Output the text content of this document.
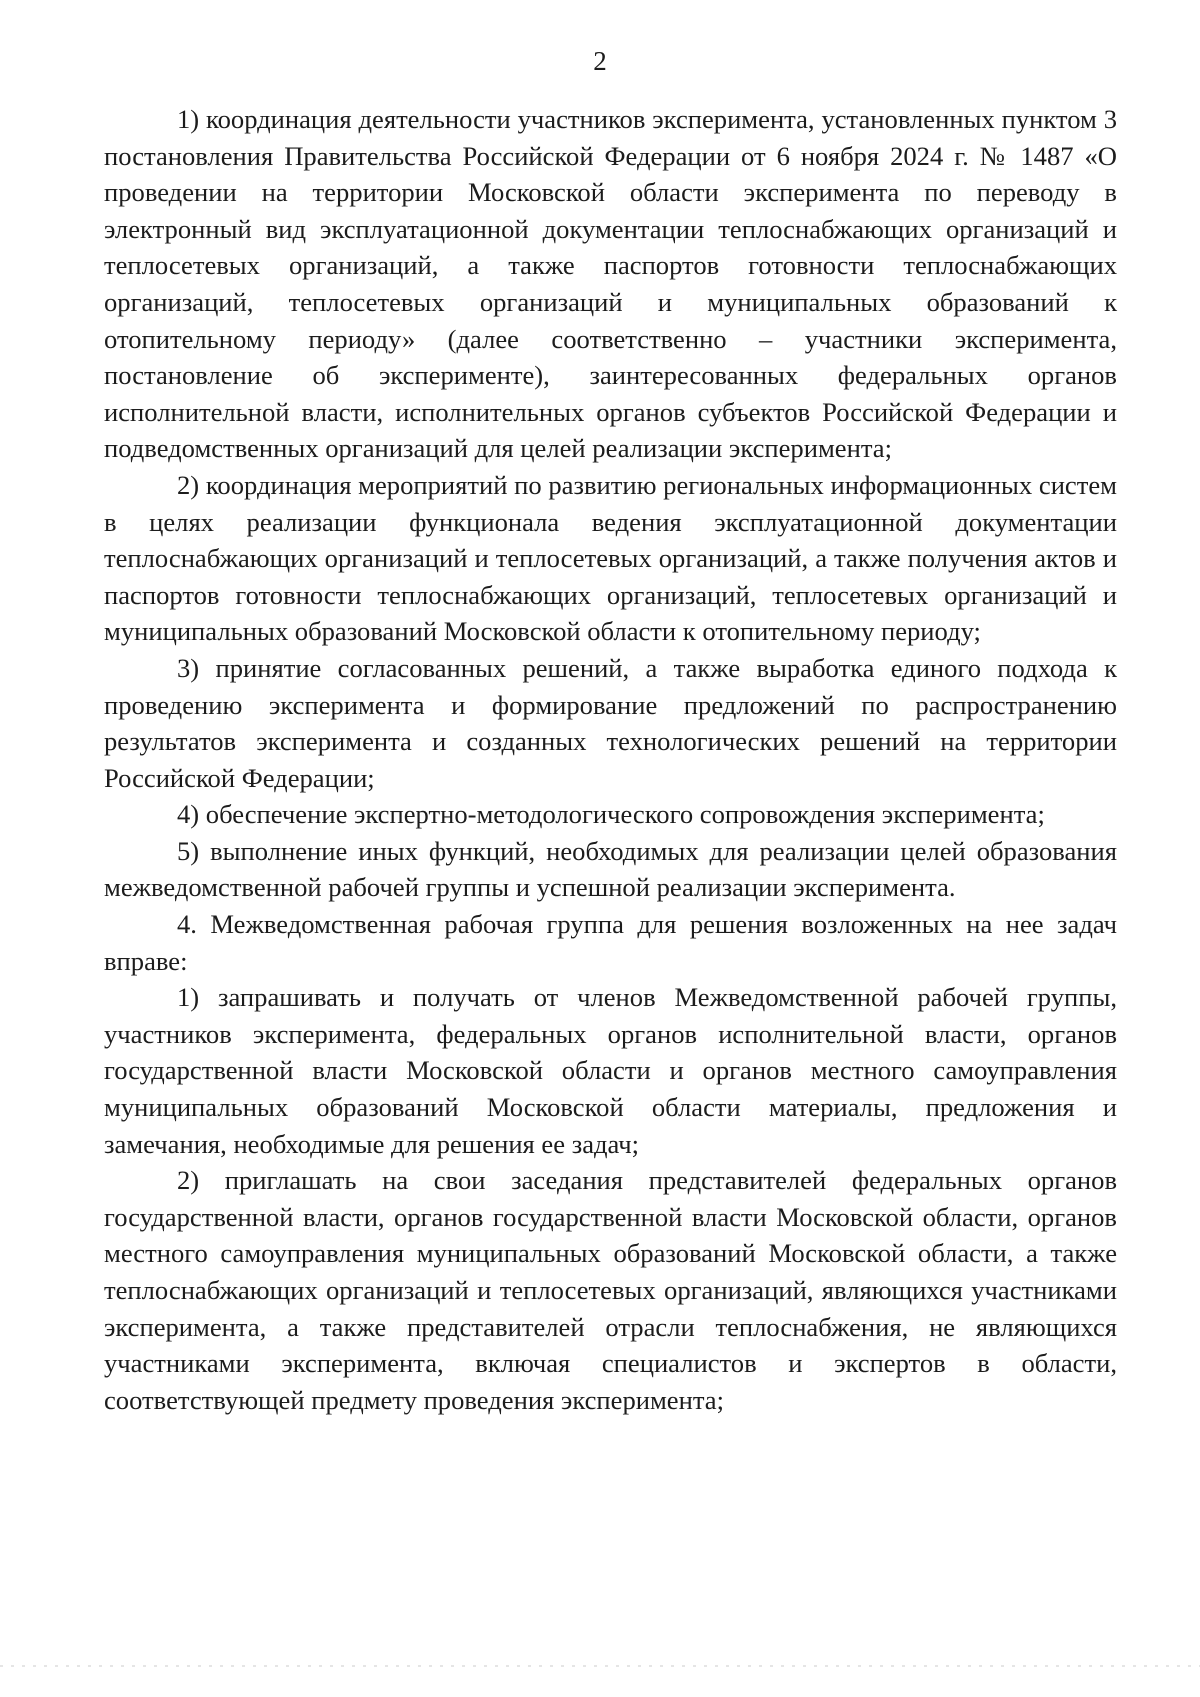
2

1) координация деятельности участников эксперимента, установленных пунктом 3 постановления Правительства Российской Федерации от 6 ноября 2024 г. № 1487 «О проведении на территории Московской области эксперимента по переводу в электронный вид эксплуатационной документации теплоснабжающих организаций и теплосетевых организаций, а также паспортов готовности теплоснабжающих организаций, теплосетевых организаций и муниципальных образований к отопительному периоду» (далее соответственно – участники эксперимента, постановление об эксперименте), заинтересованных федеральных органов исполнительной власти, исполнительных органов субъектов Российской Федерации и подведомственных организаций для целей реализации эксперимента;

2) координация мероприятий по развитию региональных информационных систем в целях реализации функционала ведения эксплуатационной документации теплоснабжающих организаций и теплосетевых организаций, а также получения актов и паспортов готовности теплоснабжающих организаций, теплосетевых организаций и муниципальных образований Московской области к отопительному периоду;

3) принятие согласованных решений, а также выработка единого подхода к проведению эксперимента и формирование предложений по распространению результатов эксперимента и созданных технологических решений на территории Российской Федерации;

4) обеспечение экспертно-методологического сопровождения эксперимента;

5) выполнение иных функций, необходимых для реализации целей образования межведомственной рабочей группы и успешной реализации эксперимента.

4. Межведомственная рабочая группа для решения возложенных на нее задач вправе:

1) запрашивать и получать от членов Межведомственной рабочей группы, участников эксперимента, федеральных органов исполнительной власти, органов государственной власти Московской области и органов местного самоуправления муниципальных образований Московской области материалы, предложения и замечания, необходимые для решения ее задач;

2) приглашать на свои заседания представителей федеральных органов государственной власти, органов государственной власти Московской области, органов местного самоуправления муниципальных образований Московской области, а также теплоснабжающих организаций и теплосетевых организаций, являющихся участниками эксперимента, а также представителей отрасли теплоснабжения, не являющихся участниками эксперимента, включая специалистов и экспертов в области, соответствующей предмету проведения эксперимента;
